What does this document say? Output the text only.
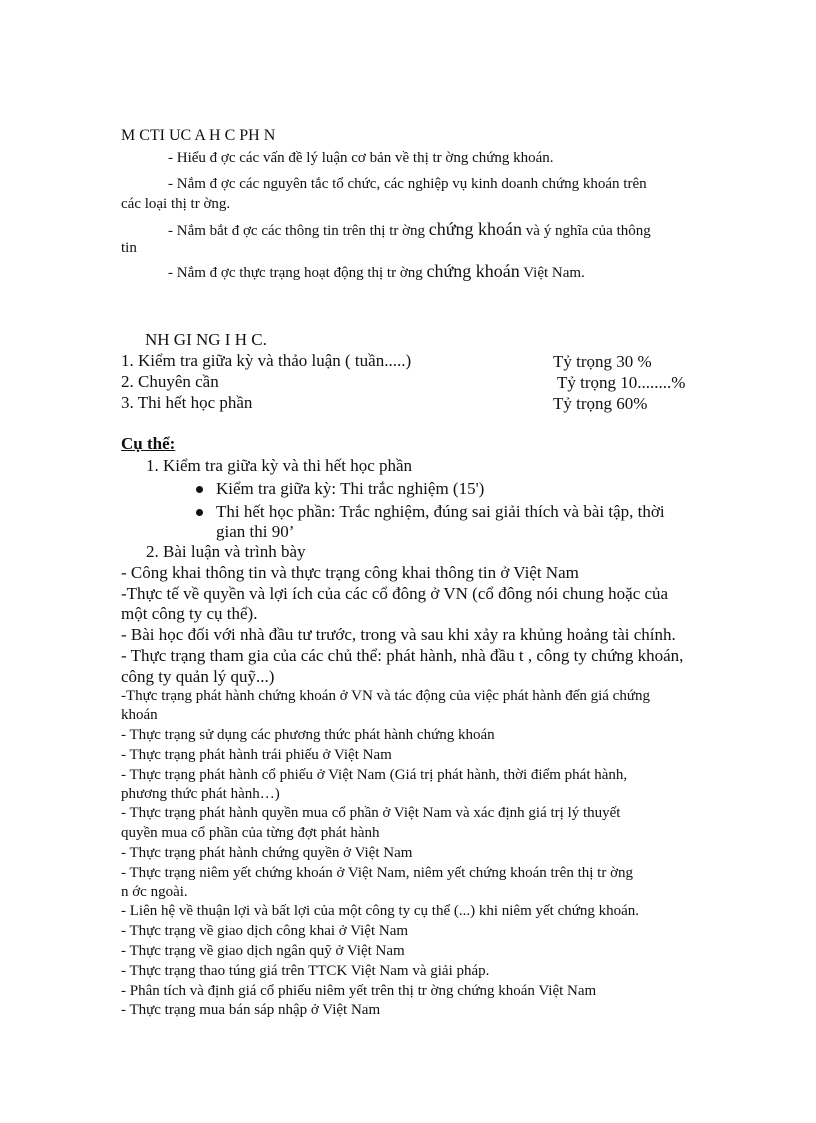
M CTI UC A H C PH N
- Hiểu đ ợc các vấn đề lý luận cơ bản về thị tr ờng chứng khoán.
- Nắm đ ợc các nguyên tắc tổ chức, các nghiệp vụ kinh doanh chứng khoán trên
các loại thị tr ờng.
- Nắm bắt đ ợc các thông tin trên thị tr ờng chứng khoán và ý nghĩa của thông
tin
- Nắm đ ợc thực trạng hoạt động thị tr ờng chứng khoán Việt Nam.
NH GI NG I H C.
1. Kiểm tra giữa kỳ và thảo luận ( tuần.....)	Tỷ trọng 30 %
2. Chuyên cần	Tỷ trọng 10........%
3. Thi hết học phần	Tỷ trọng 60%
Cụ thể:
1. Kiểm tra giữa kỳ và thi hết học phần
Kiểm tra giữa kỳ: Thi trắc nghiệm (15')
Thi hết học phần: Trắc nghiệm, đúng sai giải thích và bài tập, thời
gian thi 90’
2. Bài luận và trình bày
- Công khai thông tin và thực trạng công khai thông tin ở Việt Nam
-Thực tế về quyền và lợi ích của các cổ đông ở VN (cổ đông nói chung hoặc của
một công ty cụ thể).
- Bài học đối với nhà đầu tư trước, trong và sau khi xảy ra khủng hoảng tài chính.
- Thực trạng tham gia của các chủ thể: phát hành, nhà đầu t , công ty chứng khoán,
công ty quản lý quỹ...)
-Thực trạng phát hành chứng khoán ở VN và tác động của việc phát hành đến giá chứng
khoán
- Thực trạng sử dụng các phương thức phát hành chứng khoán
- Thực trạng phát hành trái phiếu ở Việt Nam
- Thực trạng phát hành cổ phiếu ở Việt Nam (Giá trị phát hành, thời điểm phát hành,
phương thức phát hành…)
- Thực trạng phát hành quyền mua cổ phần ở Việt Nam và xác định giá trị lý thuyết
quyền mua cổ phần của từng đợt phát hành
- Thực trạng phát hành chứng quyền ở Việt Nam
- Thực trạng niêm yết chứng khoán ở Việt Nam, niêm yết chứng khoán trên thị tr ờng
n ớc ngoài.
- Liên hệ về thuận lợi và bất lợi của một công ty cụ thể (...) khi niêm yết chứng khoán.
- Thực trạng về giao dịch công khai ở Việt Nam
- Thực trạng về giao dịch ngân quỹ ở Việt Nam
- Thực trạng thao túng giá trên TTCK Việt Nam và giải pháp.
- Phân tích và định giá cổ phiếu niêm yết trên thị tr ờng chứng khoán Việt Nam
- Thực trạng mua bán sáp nhập ở Việt Nam
